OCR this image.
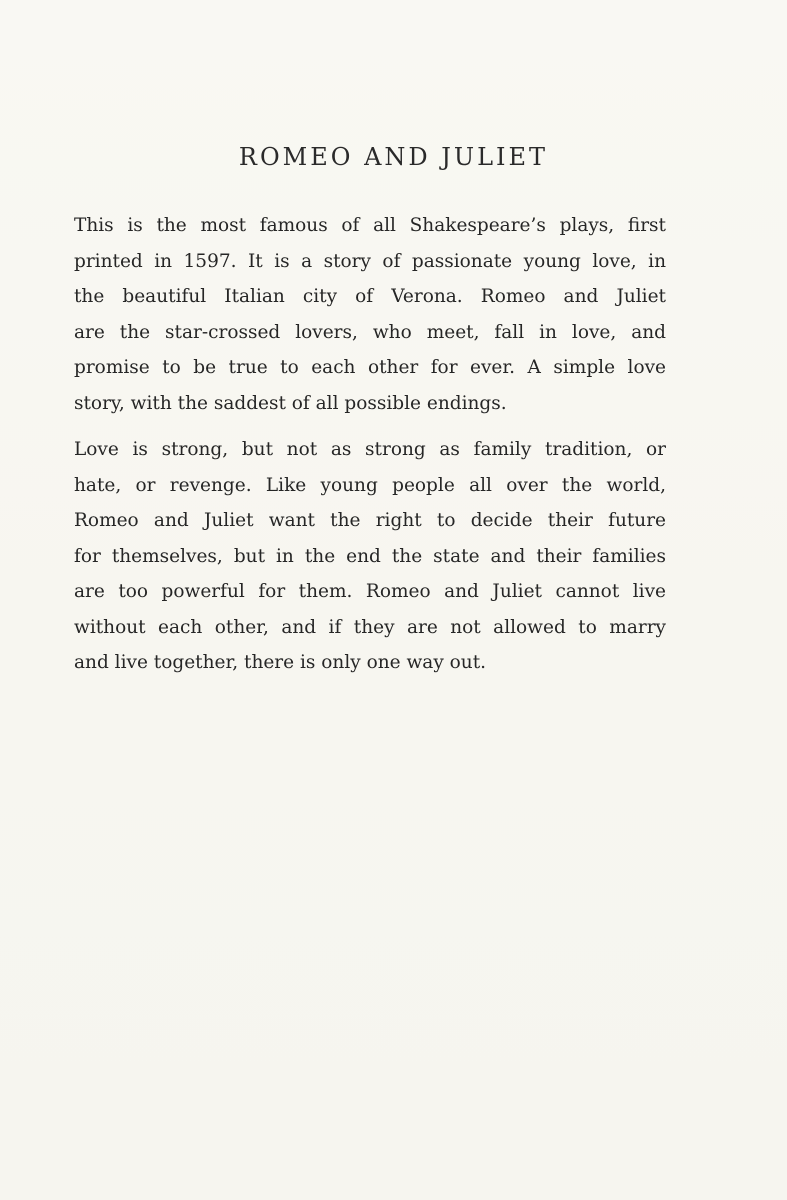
ROMEO AND JULIET

This is the most famous of all Shakespeare’s plays, first
printed in 1597. It is a story of passionate young love, in
the beautiful Italian city of Verona. Romeo and Juliet
are the star-crossed lovers, who meet, fall in love, and
promise to be true to each other for ever. A simple love
story, with the saddest of all possible endings.

Love is strong, but not as strong as family tradition, or
hate, or revenge. Like young people all over the world,
Romeo and Juliet want the right to decide their future
for themselves, but in the end the state and their families
are too powerful for them. Romeo and Juliet cannot live
without each other, and if they are not allowed to marry
and live together, there is only one way out.
